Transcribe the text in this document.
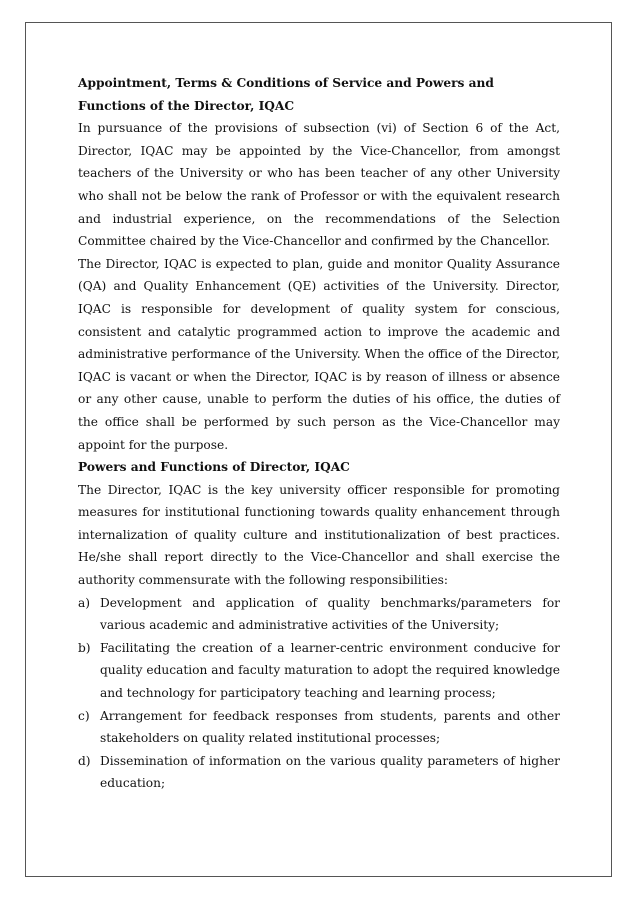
Appointment, Terms & Conditions of Service and Powers and Functions of the Director, IQAC

In pursuance of the provisions of subsection (vi) of Section 6 of the Act, Director, IQAC may be appointed by the Vice-Chancellor, from amongst teachers of the University or who has been teacher of any other University who shall not be below the rank of Professor or with the equivalent research and industrial experience, on the recommendations of the Selection Committee chaired by the Vice-Chancellor and confirmed by the Chancellor.

The Director, IQAC is expected to plan, guide and monitor Quality Assurance (QA) and Quality Enhancement (QE) activities of the University. Director, IQAC is responsible for development of quality system for conscious, consistent and catalytic programmed action to improve the academic and administrative performance of the University. When the office of the Director, IQAC is vacant or when the Director, IQAC is by reason of illness or absence or any other cause, unable to perform the duties of his office, the duties of the office shall be performed by such person as the Vice-Chancellor may appoint for the purpose.

Powers and Functions of Director, IQAC

The Director, IQAC is the key university officer responsible for promoting measures for institutional functioning towards quality enhancement through internalization of quality culture and institutionalization of best practices. He/she shall report directly to the Vice-Chancellor and shall exercise the authority commensurate with the following responsibilities:

a) Development and application of quality benchmarks/parameters for various academic and administrative activities of the University;
b) Facilitating the creation of a learner-centric environment conducive for quality education and faculty maturation to adopt the required knowledge and technology for participatory teaching and learning process;
c) Arrangement for feedback responses from students, parents and other stakeholders on quality related institutional processes;
d) Dissemination of information on the various quality parameters of higher education;
